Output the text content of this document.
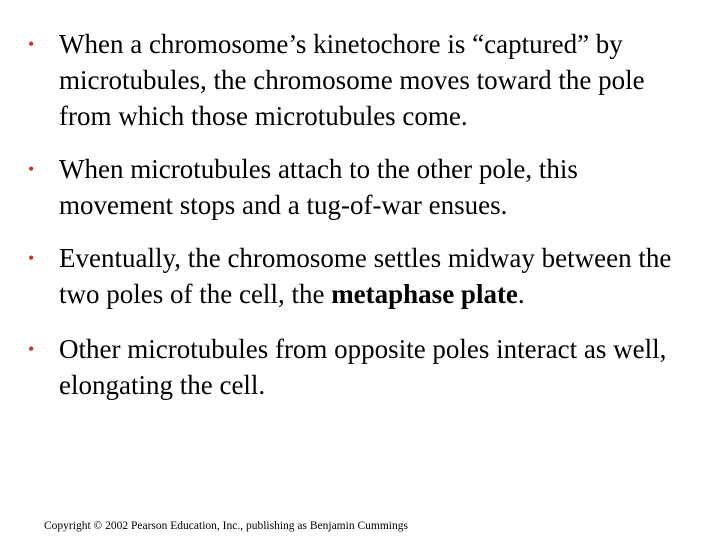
• When a chromosome’s kinetochore is “captured” by microtubules, the chromosome moves toward the pole from which those microtubules come.
• When microtubules attach to the other pole, this movement stops and a tug-of-war ensues.
• Eventually, the chromosome settles midway between the two poles of the cell, the metaphase plate.
• Other microtubules from opposite poles interact as well, elongating the cell.
Copyright © 2002 Pearson Education, Inc., publishing as Benjamin Cummings
